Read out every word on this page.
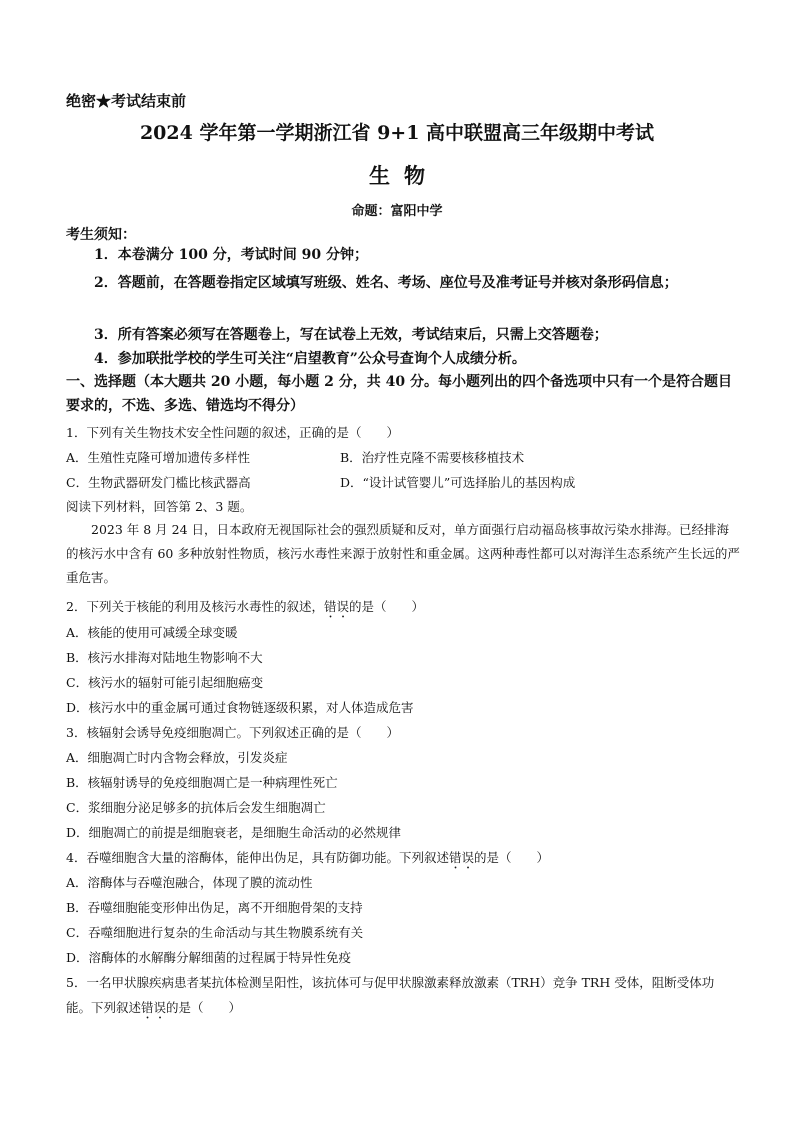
绝密★考试结束前
2024 学年第一学期浙江省 9+1 高中联盟高三年级期中考试
生物
命题：富阳中学
考生须知：
1．本卷满分 100 分，考试时间 90 分钟；
2．答题前，在答题卷指定区域填写班级、姓名、考场、座位号及准考证号并核对条形码信息；
3．所有答案必须写在答题卷上，写在试卷上无效，考试结束后，只需上交答题卷；
4．参加联批学校的学生可关注“启望教育”公众号查询个人成绩分析。
一、选择题（本大题共 20 小题，每小题 2 分，共 40 分。每小题列出的四个备选项中只有一个是符合题目要求的，不选、多选、错选均不得分）
1．下列有关生物技术安全性问题的叙述，正确的是（　　）
A．生殖性克隆可增加遗传多样性	B．治疗性克隆不需要核移植技术
C．生物武器研发门槛比核武器高	D．“设计试管婴儿”可选择胎儿的基因构成
阅读下列材料，回答第 2、3 题。
2023 年 8 月 24 日，日本政府无视国际社会的强烈质疑和反对，单方面强行启动福岛核事故污染水排海。已经排海的核污水中含有 60 多种放射性物质，核污水毒性来源于放射性和重金属。这两种毒性都可以对海洋生态系统产生长远的严重危害。
2．下列关于核能的利用及核污水毒性的叙述，错误的是（　　）
A．核能的使用可减缓全球变暖
B．核污水排海对陆地生物影响不大
C．核污水的辐射可能引起细胞癌变
D．核污水中的重金属可通过食物链逐级积累，对人体造成危害
3．核辐射会诱导免疫细胞凋亡。下列叙述正确的是（　　）
A．细胞凋亡时内含物会释放，引发炎症
B．核辐射诱导的免疫细胞凋亡是一种病理性死亡
C．浆细胞分泌足够多的抗体后会发生细胞凋亡
D．细胞凋亡的前提是细胞衰老，是细胞生命活动的必然规律
4．吞噬细胞含大量的溶酶体，能伸出伪足，具有防御功能。下列叙述错误的是（　　）
A．溶酶体与吞噬泡融合，体现了膜的流动性
B．吞噬细胞能变形伸出伪足，离不开细胞骨架的支持
C．吞噬细胞进行复杂的生命活动与其生物膜系统有关
D．溶酶体的水解酶分解细菌的过程属于特异性免疫
5．一名甲状腺疾病患者某抗体检测呈阳性，该抗体可与促甲状腺激素释放激素（TRH）竞争 TRH 受体，阻断受体功能。下列叙述错误的是（　　）
